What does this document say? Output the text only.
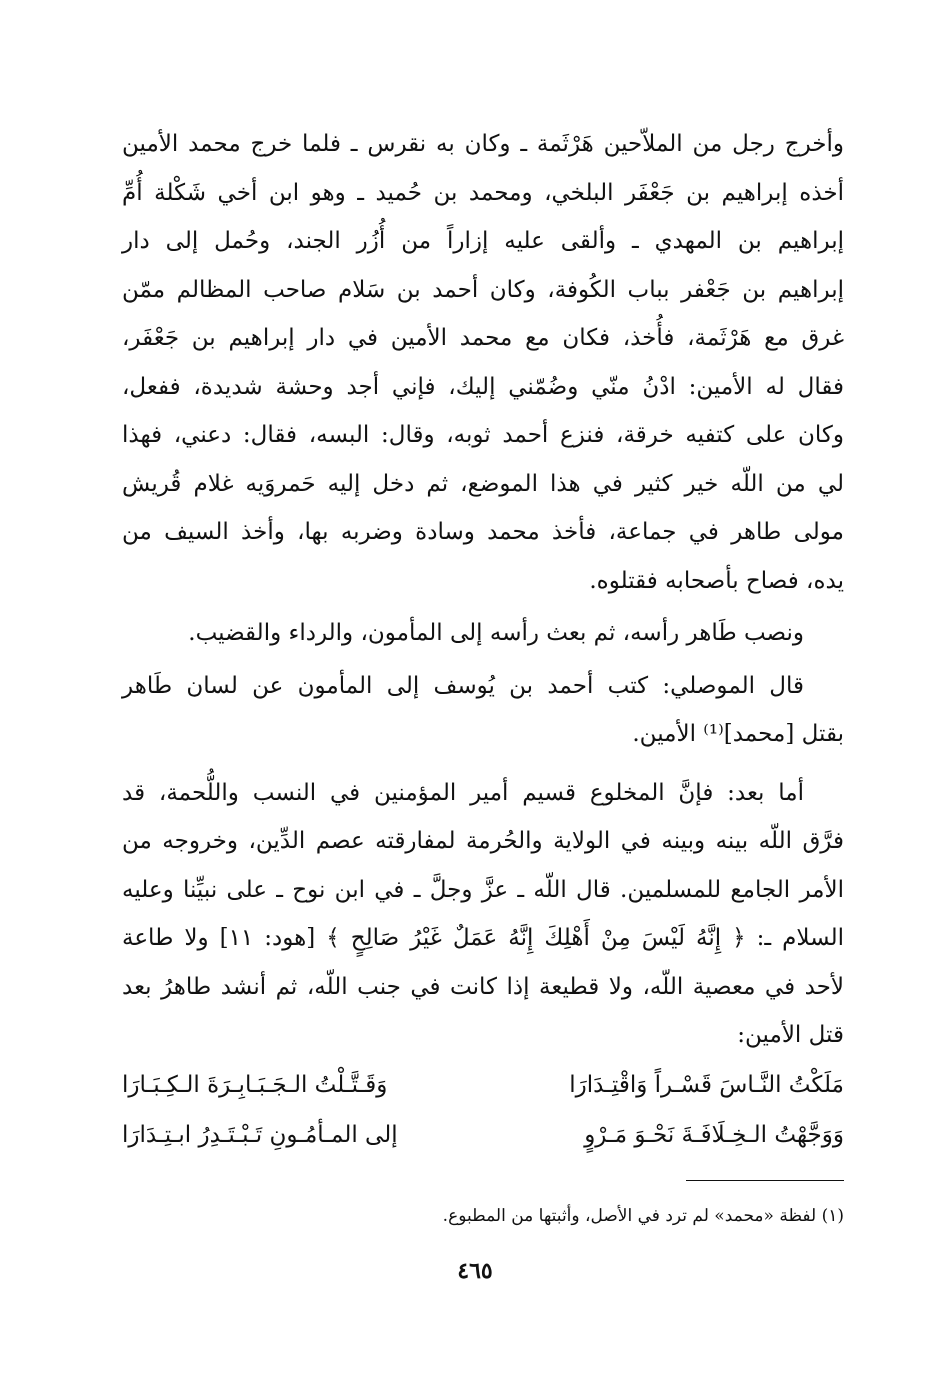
وأخرج رجل من الملاّحين هَرْثَمة ـ وكان به نقرس ـ فلما خرج محمد الأمين
أخذه إبراهيم بن جَعْفَر البلخي، ومحمد بن حُميد ـ وهو ابن أخي شَكْلة أُمِّ
إبراهيم بن المهدي ـ وألقى عليه إزاراً من أُزُر الجند، وحُمل إلى دار
إبراهيم بن جَعْفر بباب الكُوفة، وكان أحمد بن سَلام صاحب المظالم ممّن
غرق مع هَرْثَمة، فأُخذ، فكان مع محمد الأمين في دار إبراهيم بن جَعْفَر،
فقال له الأمين: ادْنُ منّي وضُمّني إليك، فإني أجد وحشة شديدة، ففعل،
وكان على كتفيه خرقة، فنزع أحمد ثوبه، وقال: البسه، فقال: دعني، فهذا
لي من اللّه خير كثير في هذا الموضع، ثم دخل إليه حَمروَيه غلام قُريش
مولى طاهر في جماعة، فأخذ محمد وسادة وضربه بها، وأخذ السيف من
يده، فصاح بأصحابه فقتلوه.
ونصب طَاهر رأسه، ثم بعث رأسه إلى المأمون، والرداء والقضيب.
قال الموصلي: كتب أحمد بن يُوسف إلى المأمون عن لسان طَاهر
بقتل [محمد]⁽¹⁾ الأمين.
أما بعد: فإنَّ المخلوع قسيم أمير المؤمنين في النسب واللُّحمة، قد
فرَّق اللّه بينه وبينه في الولاية والحُرمة لمفارقته عصم الدِّين، وخروجه من
الأمر الجامع للمسلمين. قال اللّه ـ عزَّ وجلَّ ـ في ابن نوح ـ على نبيِّنا وعليه
السلام ـ: ﴿ إِنَّهُ لَيْسَ مِنْ أَهْلِكَ إِنَّهُ عَمَلٌ غَيْرُ صَالِحٍ ﴾ [هود: ١١] ولا طاعة
لأحد في معصية اللّه، ولا قطيعة إذا كانت في جنب اللّه، ثم أنشد طاهرُ بعد
قتل الأمين:
مَلَكْتُ النَّـاسَ قَسْـراً وَاقْتِـدَارَا
وَقَـتَّـلْتُ الـجَـبَـابِـرَةَ الـكِـبَـارَا
وَوَجَّهْتُ الـخِـلَافَـةَ نَحْـوَ مَـرْوٍ
إلى المـأمُـونِ تَـبْـتَـدِرُ ابـتِـدَارَا
(١) لفظة «محمد» لم ترد في الأصل، وأثبتها من المطبوع.
٤٦٥
